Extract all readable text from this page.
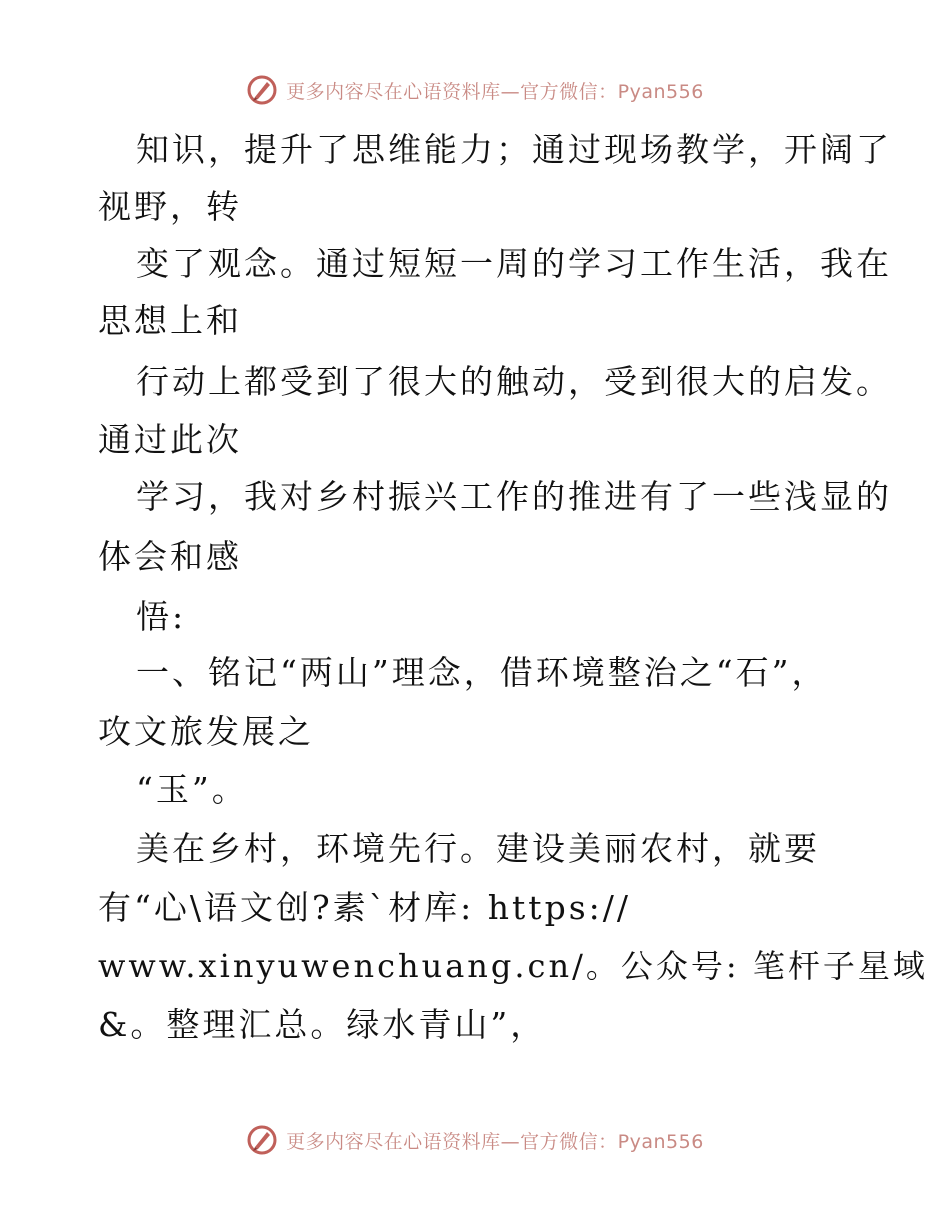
更多内容尽在心语资料库—官方微信：Pyan556
知识，提升了思维能力；通过现场教学，开阔了
视野，转
变了观念。通过短短一周的学习工作生活，我在
思想上和
行动上都受到了很大的触动，受到很大的启发。
通过此次
学习，我对乡村振兴工作的推进有了一些浅显的
体会和感
悟:
一、铭记“两山”理念，借环境整治之“石”，
攻文旅发展之
“玉”。
美在乡村，环境先行。建设美丽农村，就要
有“心\语文创?素`材库: https://
www.xinyuwenchuang.cn/。公众号: 笔杆子星域
&。整理汇总。绿水青山”，
更多内容尽在心语资料库—官方微信：Pyan556
